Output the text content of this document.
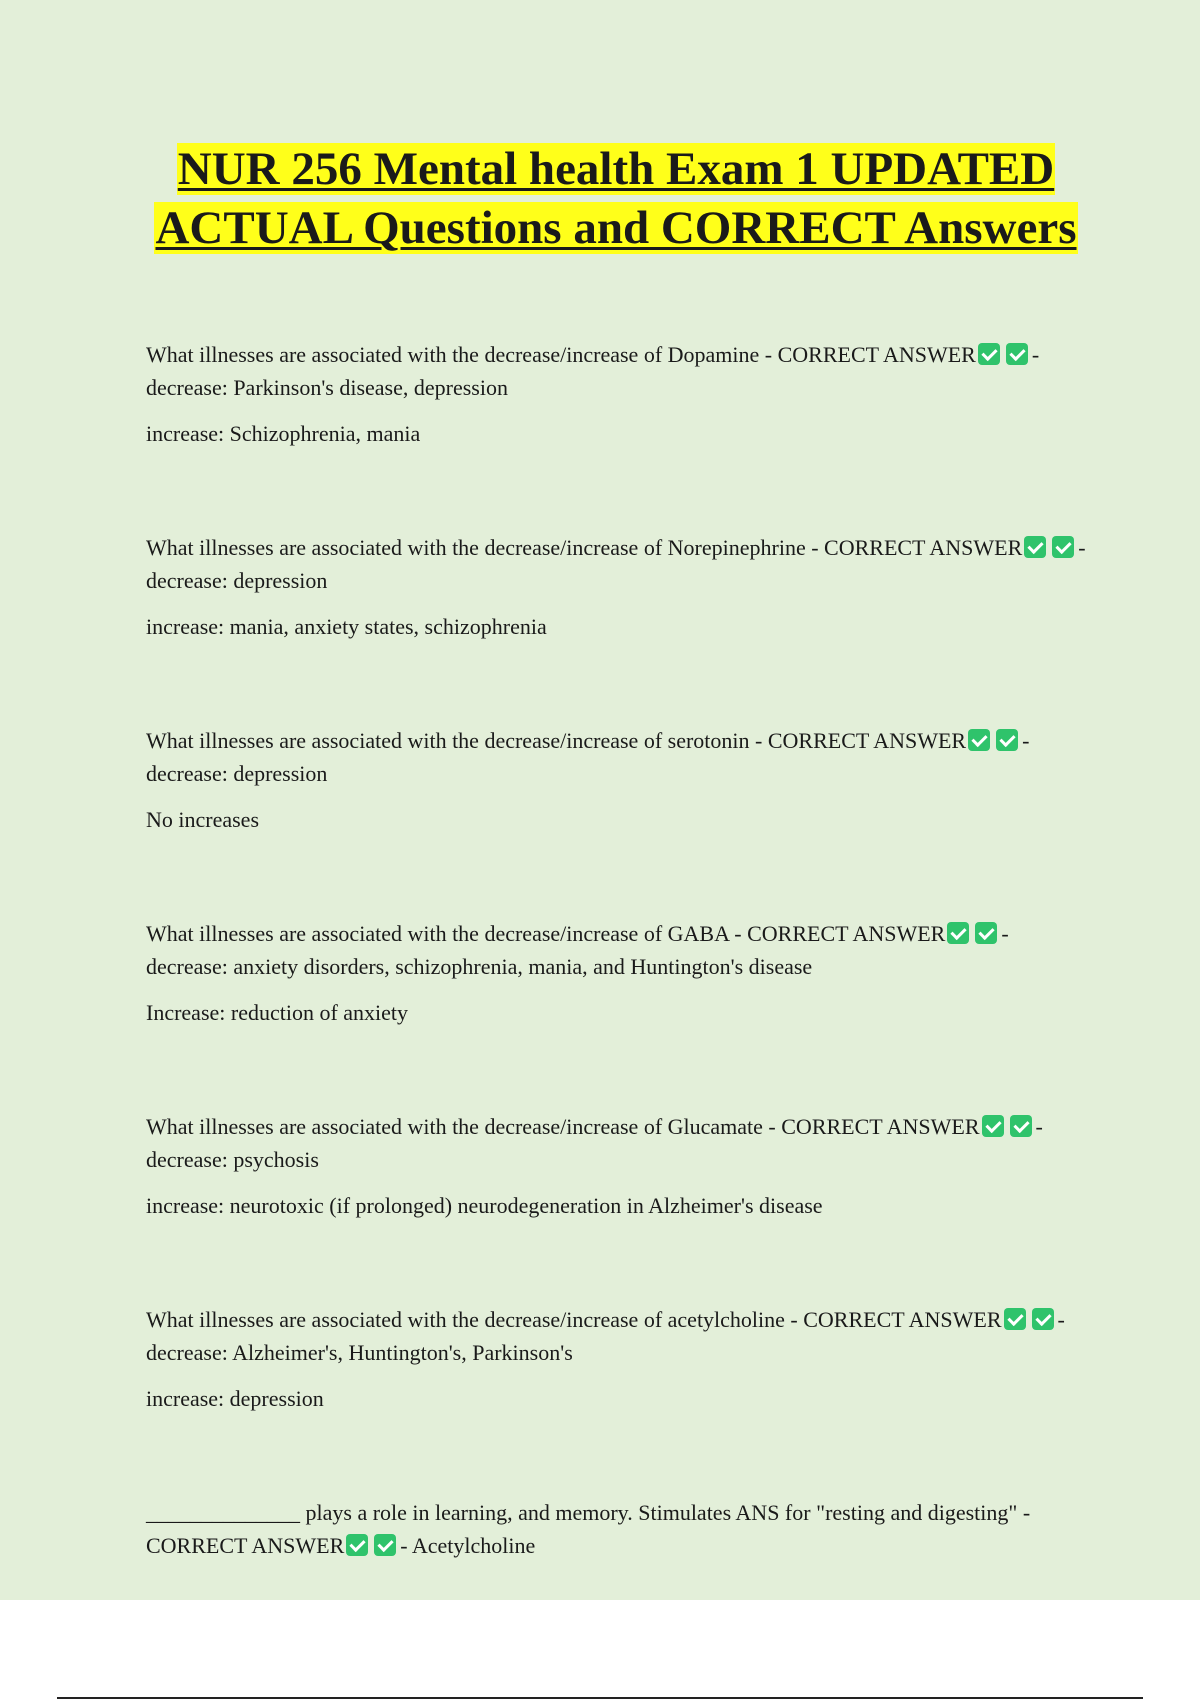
NUR 256 Mental health Exam 1 UPDATED ACTUAL Questions and CORRECT Answers

What illnesses are associated with the decrease/increase of Dopamine - CORRECT ANSWER	- decrease: Parkinson's disease, depression

increase: Schizophrenia, mania

What illnesses are associated with the decrease/increase of Norepinephrine - CORRECT ANSWER	- decrease: depression

increase: mania, anxiety states, schizophrenia

What illnesses are associated with the decrease/increase of serotonin - CORRECT ANSWER	- decrease: depression

No increases

What illnesses are associated with the decrease/increase of GABA - CORRECT ANSWER	- decrease: anxiety disorders, schizophrenia, mania, and Huntington's disease

Increase: reduction of anxiety

What illnesses are associated with the decrease/increase of Glucamate - CORRECT ANSWER	- decrease: psychosis

increase: neurotoxic (if prolonged) neurodegeneration in Alzheimer's disease

What illnesses are associated with the decrease/increase of acetylcholine - CORRECT ANSWER	- decrease: Alzheimer's, Huntington's, Parkinson's

increase: depression

______________ plays a role in learning, and memory. Stimulates ANS for "resting and digesting" - CORRECT ANSWER	- Acetylcholine
